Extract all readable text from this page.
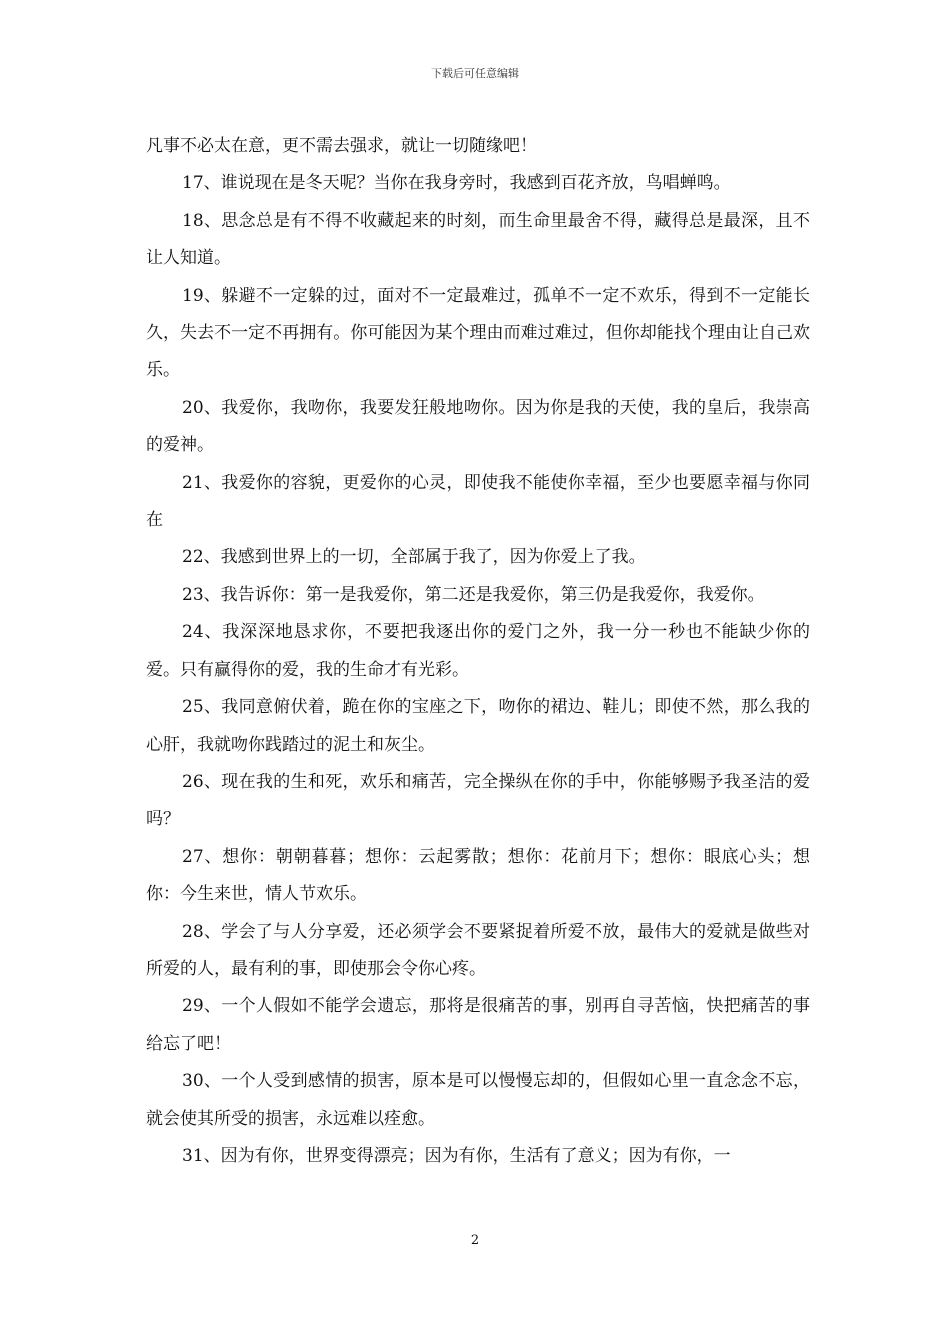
下载后可任意编辑

凡事不必太在意，更不需去强求，就让一切随缘吧！

17、谁说现在是冬天呢？当你在我身旁时，我感到百花齐放，鸟唱蝉鸣。

18、思念总是有不得不收藏起来的时刻，而生命里最舍不得，藏得总是最深，且不让人知道。

19、躲避不一定躲的过，面对不一定最难过，孤单不一定不欢乐，得到不一定能长久，失去不一定不再拥有。你可能因为某个理由而难过难过，但你却能找个理由让自己欢乐。

20、我爱你，我吻你，我要发狂般地吻你。因为你是我的天使，我的皇后，我崇高的爱神。

21、我爱你的容貌，更爱你的心灵，即使我不能使你幸福，至少也要愿幸福与你同在

22、我感到世界上的一切，全部属于我了，因为你爱上了我。

23、我告诉你：第一是我爱你，第二还是我爱你，第三仍是我爱你，我爱你。

24、我深深地恳求你，不要把我逐出你的爱门之外，我一分一秒也不能缺少你的爱。只有赢得你的爱，我的生命才有光彩。

25、我同意俯伏着，跪在你的宝座之下，吻你的裙边、鞋儿；即使不然，那么我的心肝，我就吻你践踏过的泥土和灰尘。

26、现在我的生和死，欢乐和痛苦，完全操纵在你的手中，你能够赐予我圣洁的爱吗？

27、想你：朝朝暮暮；想你：云起雾散；想你：花前月下；想你：眼底心头；想你：今生来世，情人节欢乐。

28、学会了与人分享爱，还必须学会不要紧捉着所爱不放，最伟大的爱就是做些对所爱的人，最有利的事，即使那会令你心疼。

29、一个人假如不能学会遗忘，那将是很痛苦的事，别再自寻苦恼，快把痛苦的事给忘了吧！

30、一个人受到感情的损害，原本是可以慢慢忘却的，但假如心里一直念念不忘，就会使其所受的损害，永远难以痊愈。

31、因为有你，世界变得漂亮；因为有你，生活有了意义；因为有你，一

2
